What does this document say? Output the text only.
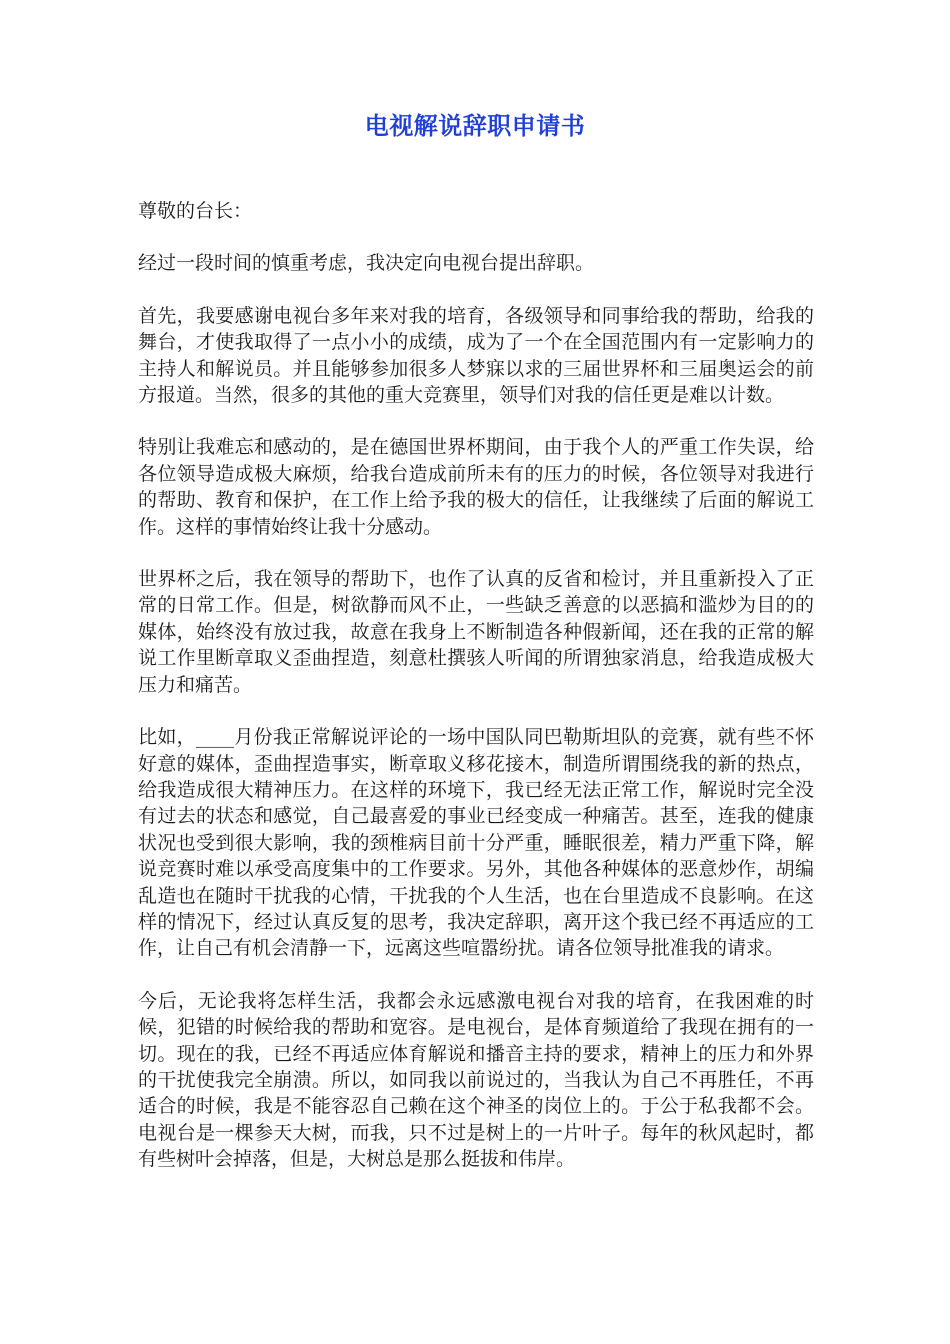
电视解说辞职申请书

尊敬的台长：

经过一段时间的慎重考虑，我决定向电视台提出辞职。

首先，我要感谢电视台多年来对我的培育，各级领导和同事给我的帮助，给我的舞台，才使我取得了一点小小的成绩，成为了一个在全国范围内有一定影响力的主持人和解说员。并且能够参加很多人梦寐以求的三届世界杯和三届奥运会的前方报道。当然，很多的其他的重大竞赛里，领导们对我的信任更是难以计数。

特别让我难忘和感动的，是在德国世界杯期间，由于我个人的严重工作失误，给各位领导造成极大麻烦，给我台造成前所未有的压力的时候，各位领导对我进行的帮助、教育和保护，在工作上给予我的极大的信任，让我继续了后面的解说工作。这样的事情始终让我十分感动。

世界杯之后，我在领导的帮助下，也作了认真的反省和检讨，并且重新投入了正常的日常工作。但是，树欲静而风不止，一些缺乏善意的以恶搞和滥炒为目的的媒体，始终没有放过我，故意在我身上不断制造各种假新闻，还在我的正常的解说工作里断章取义歪曲捏造，刻意杜撰骇人听闻的所谓独家消息，给我造成极大压力和痛苦。

比如，____月份我正常解说评论的一场中国队同巴勒斯坦队的竞赛，就有些不怀好意的媒体，歪曲捏造事实，断章取义移花接木，制造所谓围绕我的新的热点，给我造成很大精神压力。在这样的环境下，我已经无法正常工作，解说时完全没有过去的状态和感觉，自己最喜爱的事业已经变成一种痛苦。甚至，连我的健康状况也受到很大影响，我的颈椎病目前十分严重，睡眠很差，精力严重下降，解说竞赛时难以承受高度集中的工作要求。另外，其他各种媒体的恶意炒作，胡编乱造也在随时干扰我的心情，干扰我的个人生活，也在台里造成不良影响。在这样的情况下，经过认真反复的思考，我决定辞职，离开这个我已经不再适应的工作，让自己有机会清静一下，远离这些喧嚣纷扰。请各位领导批准我的请求。

今后，无论我将怎样生活，我都会永远感激电视台对我的培育，在我困难的时候，犯错的时候给我的帮助和宽容。是电视台，是体育频道给了我现在拥有的一切。现在的我，已经不再适应体育解说和播音主持的要求，精神上的压力和外界的干扰使我完全崩溃。所以，如同我以前说过的，当我认为自己不再胜任，不再适合的时候，我是不能容忍自己赖在这个神圣的岗位上的。于公于私我都不会。电视台是一棵参天大树，而我，只不过是树上的一片叶子。每年的秋风起时，都有些树叶会掉落，但是，大树总是那么挺拔和伟岸。
